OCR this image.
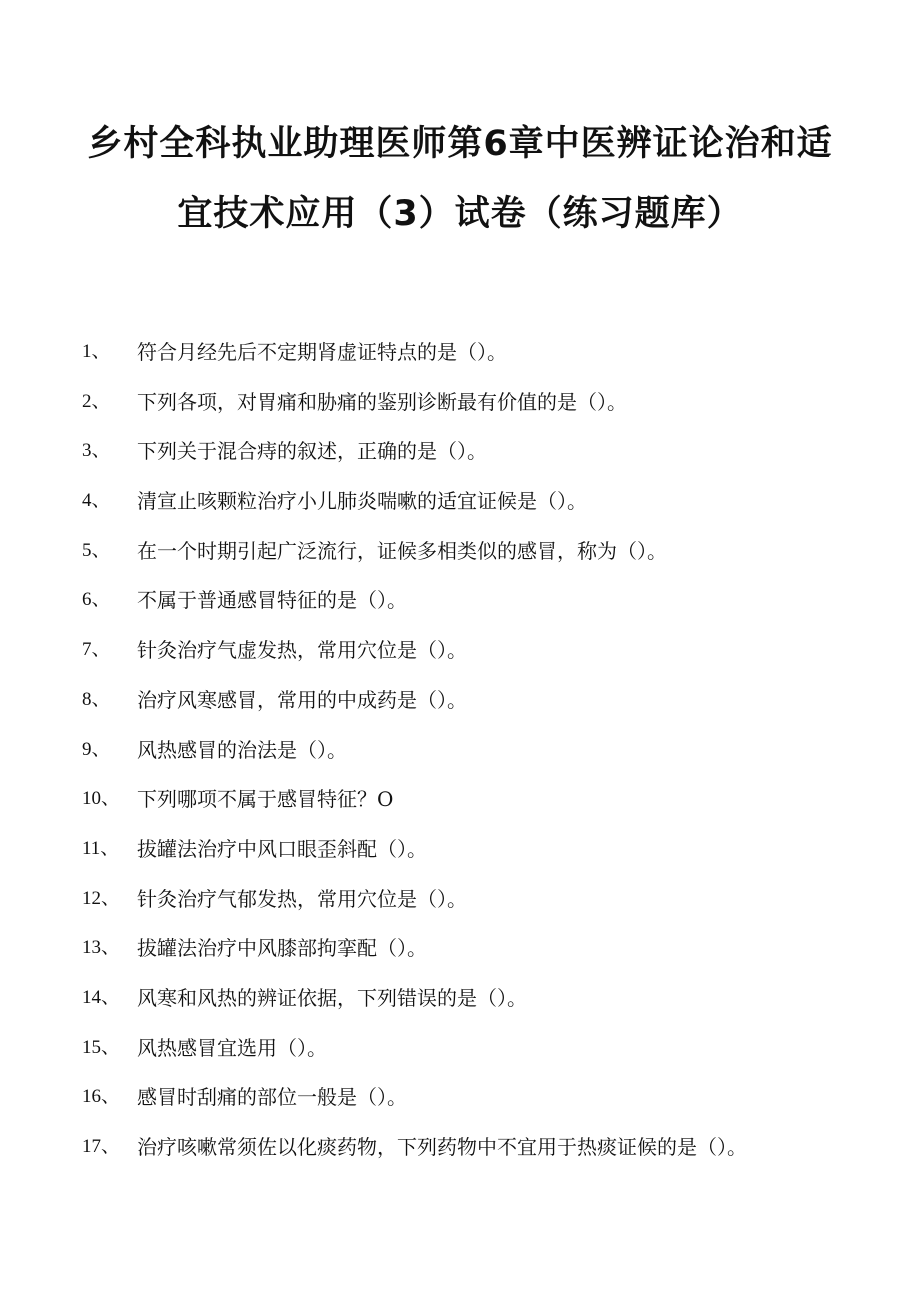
乡村全科执业助理医师第6章中医辨证论治和适
宜技术应用（3）试卷（练习题库）
1、 符合月经先后不定期肾虚证特点的是（）。
2、 下列各项，对胃痛和胁痛的鉴别诊断最有价值的是（）。
3、 下列关于混合痔的叙述，正确的是（）。
4、 清宣止咳颗粒治疗小儿肺炎喘嗽的适宜证候是（）。
5、 在一个时期引起广泛流行，证候多相类似的感冒，称为（）。
6、 不属于普通感冒特征的是（）。
7、 针灸治疗气虚发热，常用穴位是（）。
8、 治疗风寒感冒，常用的中成药是（）。
9、 风热感冒的治法是（）。
10、 下列哪项不属于感冒特征？O
11、 拔罐法治疗中风口眼歪斜配（）。
12、 针灸治疗气郁发热，常用穴位是（）。
13、 拔罐法治疗中风膝部拘挛配（）。
14、 风寒和风热的辨证依据，下列错误的是（）。
15、 风热感冒宜选用（）。
16、 感冒时刮痛的部位一般是（）。
17、 治疗咳嗽常须佐以化痰药物，下列药物中不宜用于热痰证候的是（）。
